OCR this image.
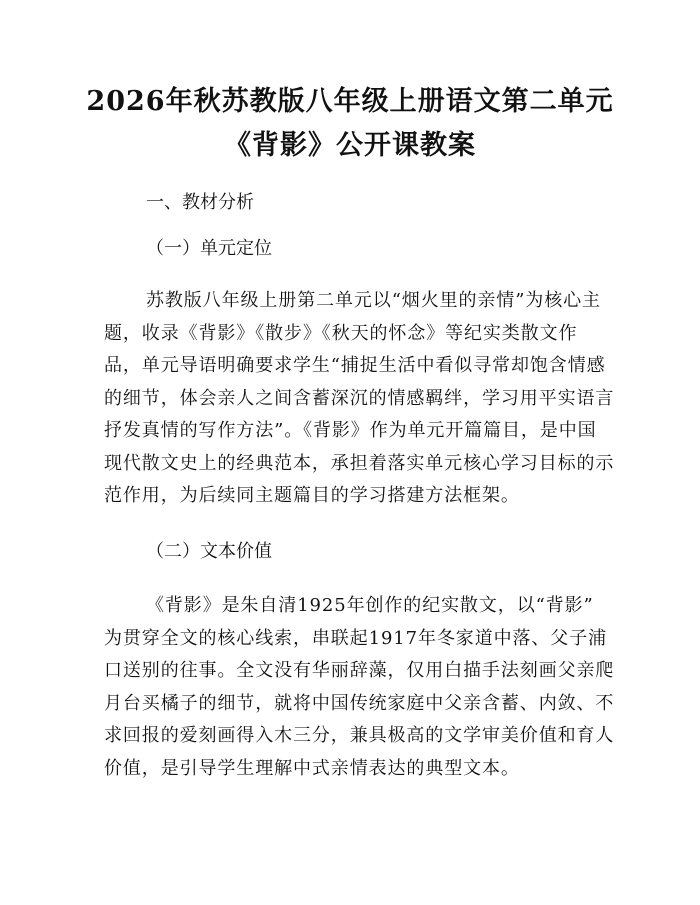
2026年秋苏教版八年级上册语文第二单元
《背影》公开课教案
一、教材分析
（一）单元定位
苏教版八年级上册第二单元以“烟火里的亲情”为核心主
题，收录《背影》《散步》《秋天的怀念》等纪实类散文作
品，单元导语明确要求学生“捕捉生活中看似寻常却饱含情感
的细节，体会亲人之间含蓄深沉的情感羁绊，学习用平实语言
抒发真情的写作方法”。《背影》作为单元开篇篇目，是中国
现代散文史上的经典范本，承担着落实单元核心学习目标的示
范作用，为后续同主题篇目的学习搭建方法框架。
（二）文本价值
《背影》是朱自清1925年创作的纪实散文，以“背影”
为贯穿全文的核心线索，串联起1917年冬家道中落、父子浦
口送别的往事。全文没有华丽辞藻，仅用白描手法刻画父亲爬
月台买橘子的细节，就将中国传统家庭中父亲含蓄、内敛、不
求回报的爱刻画得入木三分，兼具极高的文学审美价值和育人
价值，是引导学生理解中式亲情表达的典型文本。
